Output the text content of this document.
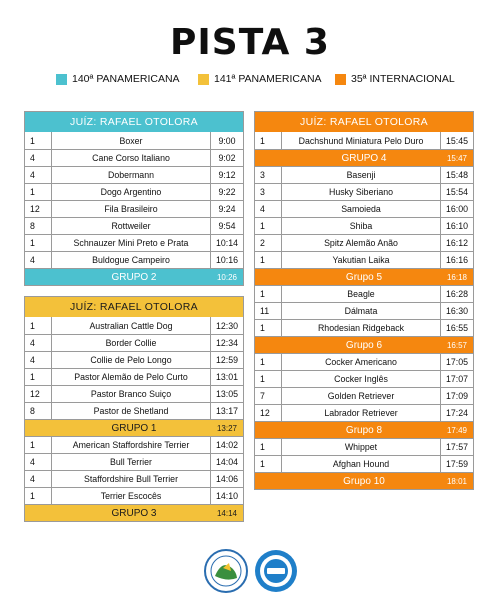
PISTA 3
140ª PANAMERICANA	141ª PANAMERICANA	35ª INTERNACIONAL
JUÍZ: RAFAEL OTOLORA
1	Boxer	9:00
4	Cane Corso Italiano	9:02
4	Dobermann	9:12
1	Dogo Argentino	9:22
12	Fila Brasileiro	9:24
8	Rottweiler	9:54
1	Schnauzer Mini Preto e Prata	10:14
4	Buldogue Campeiro	10:16
GRUPO 2	10:26
JUÍZ: RAFAEL OTOLORA
1	Australian Cattle Dog	12:30
4	Border Collie	12:34
4	Collie de Pelo Longo	12:59
1	Pastor Alemão de Pelo Curto	13:01
12	Pastor Branco Suiço	13:05
8	Pastor de Shetland	13:17
GRUPO 1	13:27
1	American Staffordshire Terrier	14:02
4	Bull Terrier	14:04
4	Staffordshire Bull Terrier	14:06
1	Terrier Escocês	14:10
GRUPO 3	14:14
JUÍZ: RAFAEL OTOLORA
1	Dachshund Miniatura Pelo Duro	15:45
GRUPO 4	15:47
3	Basenji	15:48
3	Husky Siberiano	15:54
4	Samoieda	16:00
1	Shiba	16:10
2	Spitz Alemão Anão	16:12
1	Yakutian Laika	16:16
Grupo 5	16:18
1	Beagle	16:28
11	Dálmata	16:30
1	Rhodesian Ridgeback	16:55
Grupo 6	16:57
1	Cocker Americano	17:05
1	Cocker Inglês	17:07
7	Golden Retriever	17:09
12	Labrador Retriever	17:24
Grupo 8	17:49
1	Whippet	17:57
1	Afghan Hound	17:59
Grupo 10	18:01
